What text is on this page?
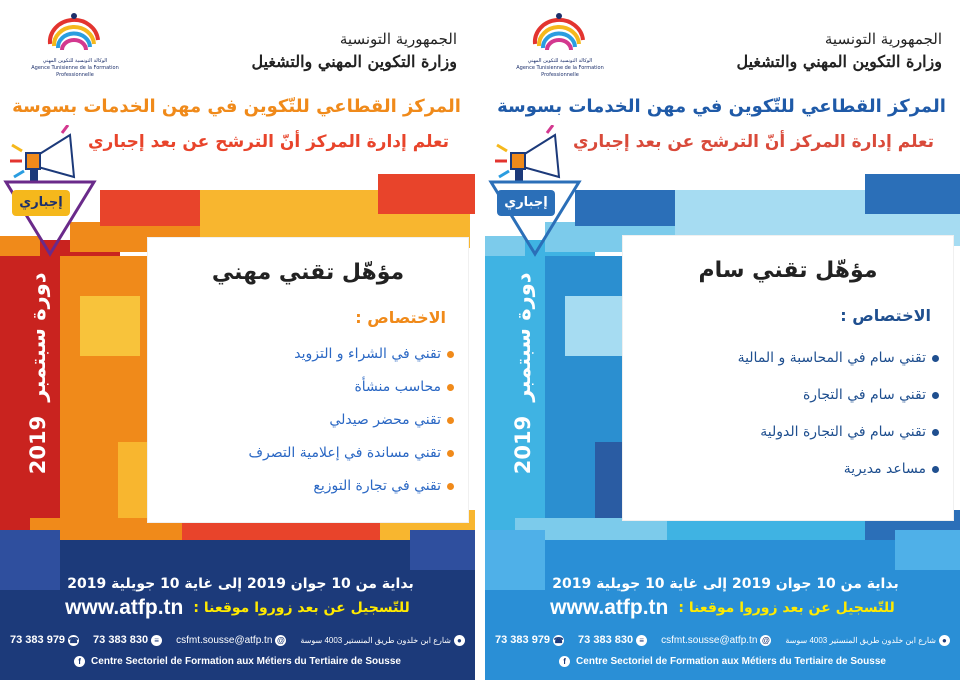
الوكالة التونسية للتكوين المهني
Agence Tunisienne de la Formation Professionnelle
الجمهورية التونسية
وزارة التكوين المهني والتشغيل
المركز القطاعي للتّكوين في مهن الخدمات بسوسة
تعلم إدارة المركز أنّ الترشح عن بعد إجباري
إجباري
دورة سبتمبر
2019
مؤهّل تقني مهني
الاختصاص :
تقني في الشراء و التزويد
محاسب منشأة
تقني محضر صيدلي
تقني مساندة في إعلامية التصرف
تقني في تجارة التوزيع
بداية من 10 جوان 2019 إلى غاية 10 جويلية 2019
للتّسجيل عن بعد زوروا موقعنا :
www.atfp.tn
●
شارع ابن خلدون طريق المنستير 4003 سوسة
@
csfmt.sousse@atfp.tn
≡
73 383 830
☎
73 383 979
f Centre Sectoriel de Formation aux Métiers du Tertiaire de Sousse
الوكالة التونسية للتكوين المهني
Agence Tunisienne de la Formation Professionnelle
الجمهورية التونسية
وزارة التكوين المهني والتشغيل
المركز القطاعي للتّكوين في مهن الخدمات بسوسة
تعلم إدارة المركز أنّ الترشح عن بعد إجباري
إجباري
دورة سبتمبر
2019
مؤهّل تقني سام
الاختصاص :
تقني سام في المحاسبة و المالية
تقني سام في التجارة
تقني سام في التجارة الدولية
مساعد مديرية
بداية من 10 جوان 2019 إلى غاية 10 جويلية 2019
للتّسجيل عن بعد زوروا موقعنا :
www.atfp.tn
●
شارع ابن خلدون طريق المنستير 4003 سوسة
@
csfmt.sousse@atfp.tn
≡
73 383 830
☎
73 383 979
f Centre Sectoriel de Formation aux Métiers du Tertiaire de Sousse
